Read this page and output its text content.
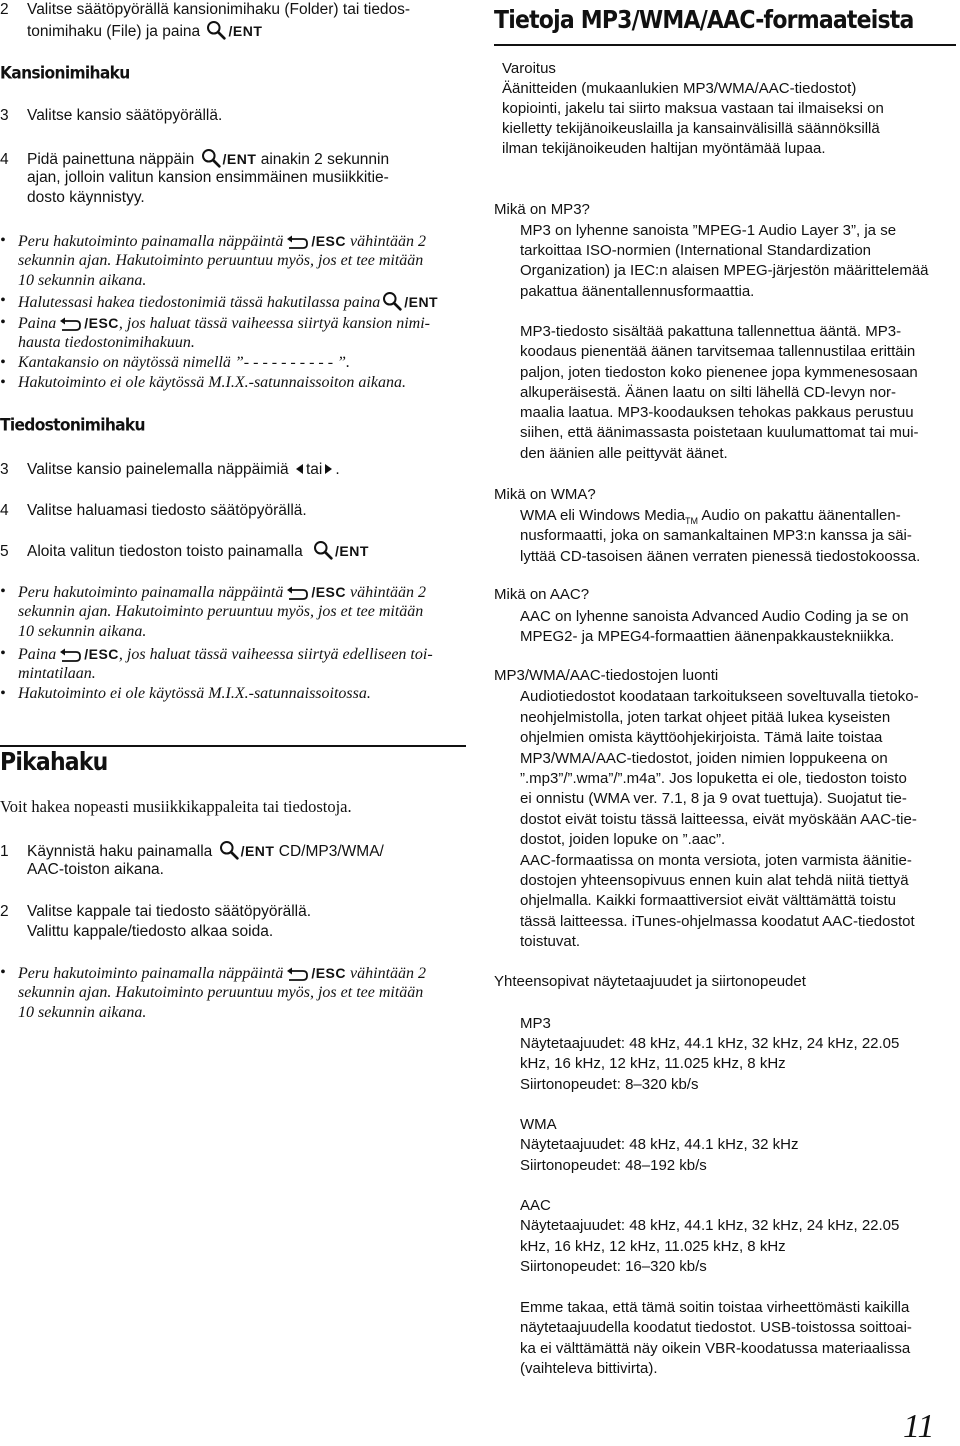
2 Valitse säätöpyörällä kansionimihaku (Folder) tai tiedos-
tonimihaku (File) ja paina /ENT
Kansionimihaku
3 Valitse kansio säätöpyörällä.
4 Pidä painettuna näppäin /ENT ainakin 2 sekunnin
ajan, jolloin valitun kansion ensimmäinen musiikkitie-
dosto käynnistyy.
• Peru hakutoiminto painamalla näppäintä /ESC vähintään 2
sekunnin ajan. Hakutoiminto peruuntuu myös, jos et tee mitään
10 sekunnin aikana.
• Halutessasi hakea tiedostonimiä tässä hakutilassa paina /ENT
• Paina /ESC, jos haluat tässä vaiheessa siirtyä kansion nimi-
hausta tiedostonimihakuun.
• Kantakansio on näytössä nimellä ”- - - - - - - - - - ”.
• Hakutoiminto ei ole käytössä M.I.X.-satunnaissoiton aikana.
Tiedostonimihaku
3 Valitse kansio painelemalla näppäimiä tai .
4 Valitse haluamasi tiedosto säätöpyörällä.
5 Aloita valitun tiedoston toisto painamalla /ENT
• Peru hakutoiminto painamalla näppäintä /ESC vähintään 2
sekunnin ajan. Hakutoiminto peruuntuu myös, jos et tee mitään
10 sekunnin aikana.
• Paina /ESC, jos haluat tässä vaiheessa siirtyä edelliseen toi-
mintatilaan.
• Hakutoiminto ei ole käytössä M.I.X.-satunnaissoitossa.
Pikahaku
Voit hakea nopeasti musiikkikappaleita tai tiedostoja.
1 Käynnistä haku painamalla /ENT CD/MP3/WMA/
AAC-toiston aikana.
2 Valitse kappale tai tiedosto säätöpyörällä.
Valittu kappale/tiedosto alkaa soida.
• Peru hakutoiminto painamalla näppäintä /ESC vähintään 2
sekunnin ajan. Hakutoiminto peruuntuu myös, jos et tee mitään
10 sekunnin aikana.
Tietoja MP3/WMA/AAC-formaateista
Varoitus
Äänitteiden (mukaanlukien MP3/WMA/AAC-tiedostot)
kopiointi, jakelu tai siirto maksua vastaan tai ilmaiseksi on
kielletty tekijänoikeuslailla ja kansainvälisillä säännöksillä
ilman tekijänoikeuden haltijan myöntämää lupaa.
Mikä on MP3?
MP3 on lyhenne sanoista ”MPEG-1 Audio Layer 3”, ja se
tarkoittaa ISO-normien (International Standardization
Organization) ja IEC:n alaisen MPEG-järjestön määrittelemää
pakattua äänentallennusformaattia.
MP3-tiedosto sisältää pakattuna tallennettua ääntä. MP3-
koodaus pienentää äänen tarvitsemaa tallennustilaa erittäin
paljon, joten tiedoston koko pienenee jopa kymmenesosaan
alkuperäisestä. Äänen laatu on silti lähellä CD-levyn nor-
maalia laatua. MP3-koodauksen tehokas pakkaus perustuu
siihen, että äänimassasta poistetaan kuulumattomat tai mui-
den äänien alle peittyvät äänet.
Mikä on WMA?
WMA eli Windows Media$_{TM}$ Audio on pakattu äänentallen-
nusformaatti, joka on samankaltainen MP3:n kanssa ja säi-
lyttää CD-tasoisen äänen verraten pienessä tiedostokoossa.
Mikä on AAC?
AAC on lyhenne sanoista Advanced Audio Coding ja se on
MPEG2- ja MPEG4-formaattien äänenpakkaustekniikka.
MP3/WMA/AAC-tiedostojen luonti
Audiotiedostot koodataan tarkoitukseen soveltuvalla tietoko-
neohjelmistolla, joten tarkat ohjeet pitää lukea kyseisten
ohjelmien omista käyttöohjekirjoista. Tämä laite toistaa
MP3/WMA/AAC-tiedostot, joiden nimien loppukeena on
”.mp3”/”.wma”/”.m4a”. Jos lopuketta ei ole, tiedoston toisto
ei onnistu (WMA ver. 7.1, 8 ja 9 ovat tuettuja). Suojatut tie-
dostot eivät toistu tässä laitteessa, eivät myöskään AAC-tie-
dostot, joiden lopuke on ”.aac”.
AAC-formaatissa on monta versiota, joten varmista äänitie-
dostojen yhteensopivuus ennen kuin alat tehdä niitä tiettyä
ohjelmalla. Kaikki formaattiversiot eivät välttämättä toistu
tässä laitteessa. iTunes-ohjelmassa koodatut AAC-tiedostot
toistuvat.
Yhteensopivat näytetaajuudet ja siirtonopeudet
MP3
Näytetaajuudet: 48 kHz, 44.1 kHz, 32 kHz, 24 kHz, 22.05
kHz, 16 kHz, 12 kHz, 11.025 kHz, 8 kHz
Siirtonopeudet: 8–320 kb/s
WMA
Näytetaajuudet: 48 kHz, 44.1 kHz, 32 kHz
Siirtonopeudet: 48–192 kb/s
AAC
Näytetaajuudet: 48 kHz, 44.1 kHz, 32 kHz, 24 kHz, 22.05
kHz, 16 kHz, 12 kHz, 11.025 kHz, 8 kHz
Siirtonopeudet: 16–320 kb/s
Emme takaa, että tämä soitin toistaa virheettömästi kaikilla
näytetaajuudella koodatut tiedostot. USB-toistossa soittoai-
ka ei välttämättä näy oikein VBR-koodatussa materiaalissa
(vaihteleva bittivirta).
11
